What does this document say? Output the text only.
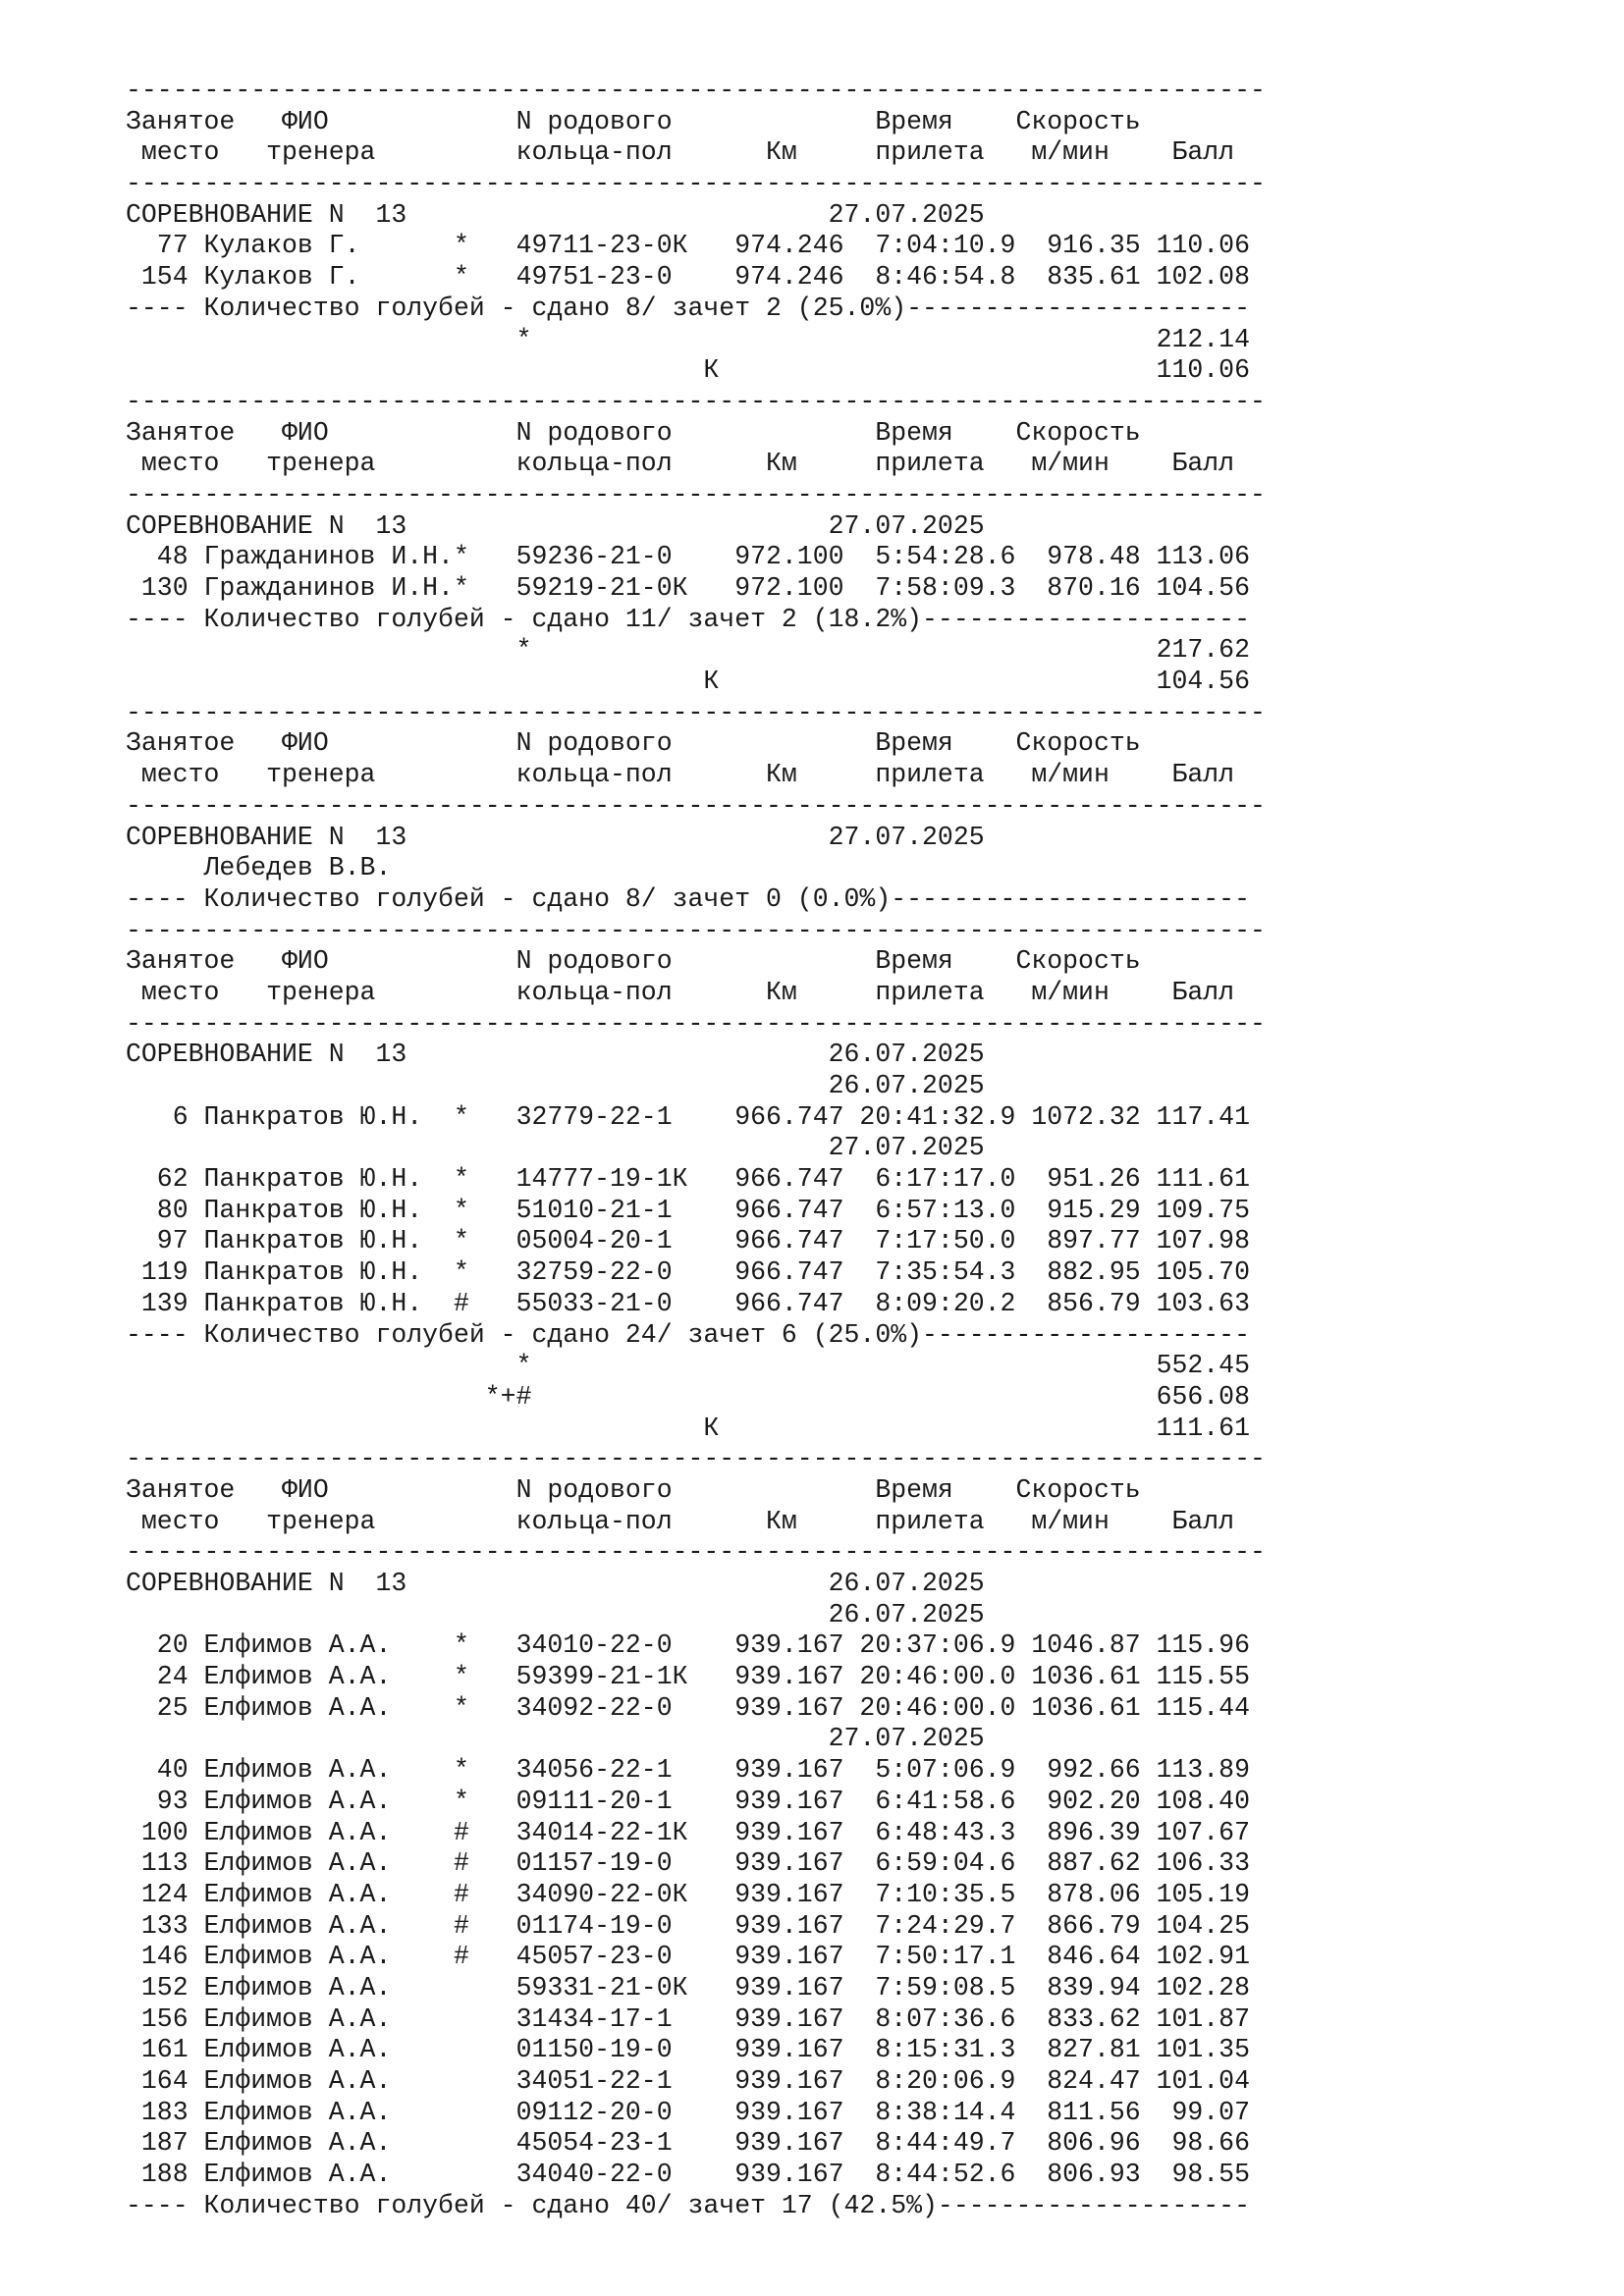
-------------------------------------------------------------------------
Занятое   ФИО            N родового             Время    Скорость
место   тренера         кольца-пол      Км     прилета   м/мин    Балл
-------------------------------------------------------------------------
СОРЕВНОВАНИЕ N  13                           27.07.2025
77 Кулаков Г.      *   49711-23-0К   974.246  7:04:10.9  916.35 110.06
154 Кулаков Г.      *   49751-23-0    974.246  8:46:54.8  835.61 102.08
---- Количество голубей - сдано 8/ зачет 2 (25.0%)----------------------
*                                        212.14
К                            110.06
-------------------------------------------------------------------------
Занятое   ФИО            N родового             Время    Скорость
место   тренера         кольца-пол      Км     прилета   м/мин    Балл
-------------------------------------------------------------------------
СОРЕВНОВАНИЕ N  13                           27.07.2025
48 Гражданинов И.Н.*   59236-21-0    972.100  5:54:28.6  978.48 113.06
130 Гражданинов И.Н.*   59219-21-0К   972.100  7:58:09.3  870.16 104.56
---- Количество голубей - сдано 11/ зачет 2 (18.2%)---------------------
*                                        217.62
К                            104.56
-------------------------------------------------------------------------
Занятое   ФИО            N родового             Время    Скорость
место   тренера         кольца-пол      Км     прилета   м/мин    Балл
-------------------------------------------------------------------------
СОРЕВНОВАНИЕ N  13                           27.07.2025
Лебедев В.В.
---- Количество голубей - сдано 8/ зачет 0 (0.0%)-----------------------
-------------------------------------------------------------------------
Занятое   ФИО            N родового             Время    Скорость
место   тренера         кольца-пол      Км     прилета   м/мин    Балл
-------------------------------------------------------------------------
СОРЕВНОВАНИЕ N  13                           26.07.2025
26.07.2025
6 Панкратов Ю.Н.  *   32779-22-1    966.747 20:41:32.9 1072.32 117.41
27.07.2025
62 Панкратов Ю.Н.  *   14777-19-1К   966.747  6:17:17.0  951.26 111.61
80 Панкратов Ю.Н.  *   51010-21-1    966.747  6:57:13.0  915.29 109.75
97 Панкратов Ю.Н.  *   05004-20-1    966.747  7:17:50.0  897.77 107.98
119 Панкратов Ю.Н.  *   32759-22-0    966.747  7:35:54.3  882.95 105.70
139 Панкратов Ю.Н.  #   55033-21-0    966.747  8:09:20.2  856.79 103.63
---- Количество голубей - сдано 24/ зачет 6 (25.0%)---------------------
*                                        552.45
*+#                                        656.08
К                            111.61
-------------------------------------------------------------------------
Занятое   ФИО            N родового             Время    Скорость
место   тренера         кольца-пол      Км     прилета   м/мин    Балл
-------------------------------------------------------------------------
СОРЕВНОВАНИЕ N  13                           26.07.2025
26.07.2025
20 Елфимов А.А.    *   34010-22-0    939.167 20:37:06.9 1046.87 115.96
24 Елфимов А.А.    *   59399-21-1К   939.167 20:46:00.0 1036.61 115.55
25 Елфимов А.А.    *   34092-22-0    939.167 20:46:00.0 1036.61 115.44
27.07.2025
40 Елфимов А.А.    *   34056-22-1    939.167  5:07:06.9  992.66 113.89
93 Елфимов А.А.    *   09111-20-1    939.167  6:41:58.6  902.20 108.40
100 Елфимов А.А.    #   34014-22-1К   939.167  6:48:43.3  896.39 107.67
113 Елфимов А.А.    #   01157-19-0    939.167  6:59:04.6  887.62 106.33
124 Елфимов А.А.    #   34090-22-0К   939.167  7:10:35.5  878.06 105.19
133 Елфимов А.А.    #   01174-19-0    939.167  7:24:29.7  866.79 104.25
146 Елфимов А.А.    #   45057-23-0    939.167  7:50:17.1  846.64 102.91
152 Елфимов А.А.        59331-21-0К   939.167  7:59:08.5  839.94 102.28
156 Елфимов А.А.        31434-17-1    939.167  8:07:36.6  833.62 101.87
161 Елфимов А.А.        01150-19-0    939.167  8:15:31.3  827.81 101.35
164 Елфимов А.А.        34051-22-1    939.167  8:20:06.9  824.47 101.04
183 Елфимов А.А.        09112-20-0    939.167  8:38:14.4  811.56  99.07
187 Елфимов А.А.        45054-23-1    939.167  8:44:49.7  806.96  98.66
188 Елфимов А.А.        34040-22-0    939.167  8:44:52.6  806.93  98.55
---- Количество голубей - сдано 40/ зачет 17 (42.5%)--------------------
